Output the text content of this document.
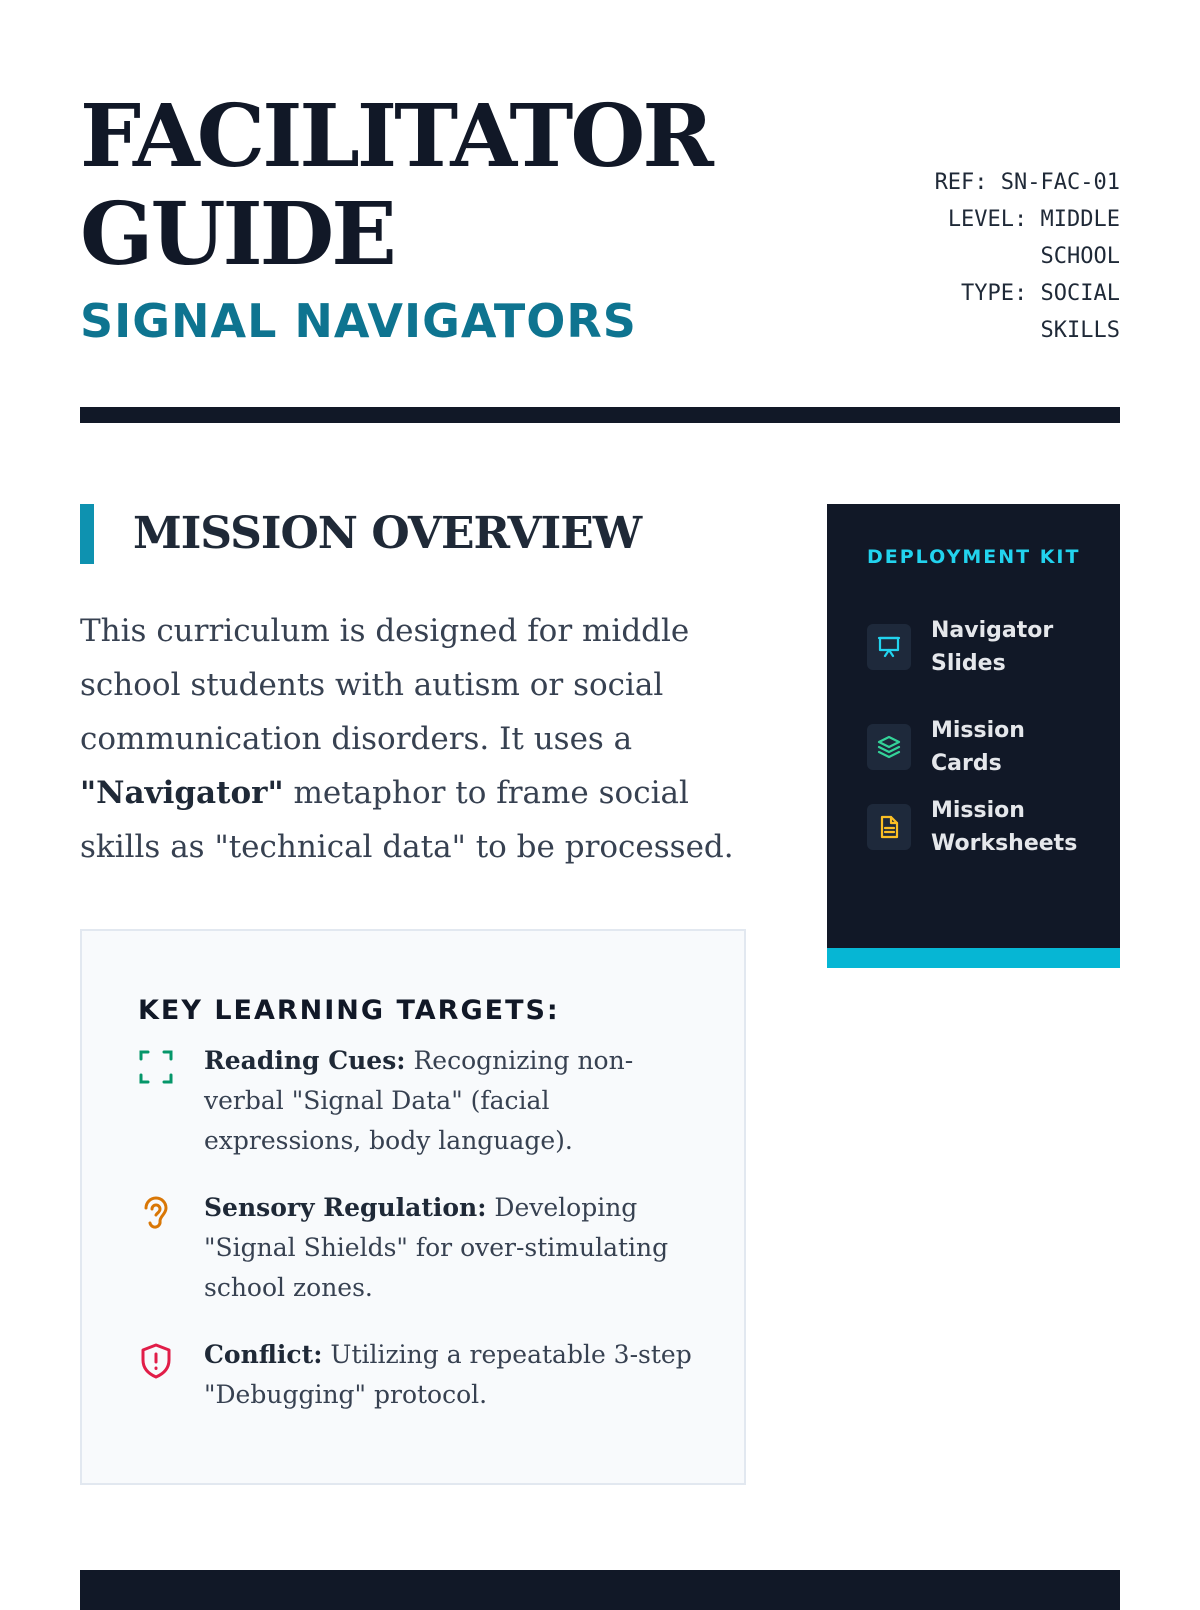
FACILITATOR GUIDE
SIGNAL NAVIGATORS
REF: SN-FAC-01
LEVEL: MIDDLE SCHOOL
TYPE: SOCIAL SKILLS
MISSION OVERVIEW

This curriculum is designed for middle school students with autism or social communication disorders. It uses a "Navigator" metaphor to frame social skills as "technical data" to be processed.

KEY LEARNING TARGETS:

Reading Cues: Recognizing non-verbal "Signal Data" (facial expressions, body language).

Sensory Regulation: Developing "Signal Shields" for over-stimulating school zones.

Conflict: Utilizing a repeatable 3-step "Debugging" protocol.

DEPLOYMENT KIT
Navigator Slides
Mission Cards
Mission Worksheets
